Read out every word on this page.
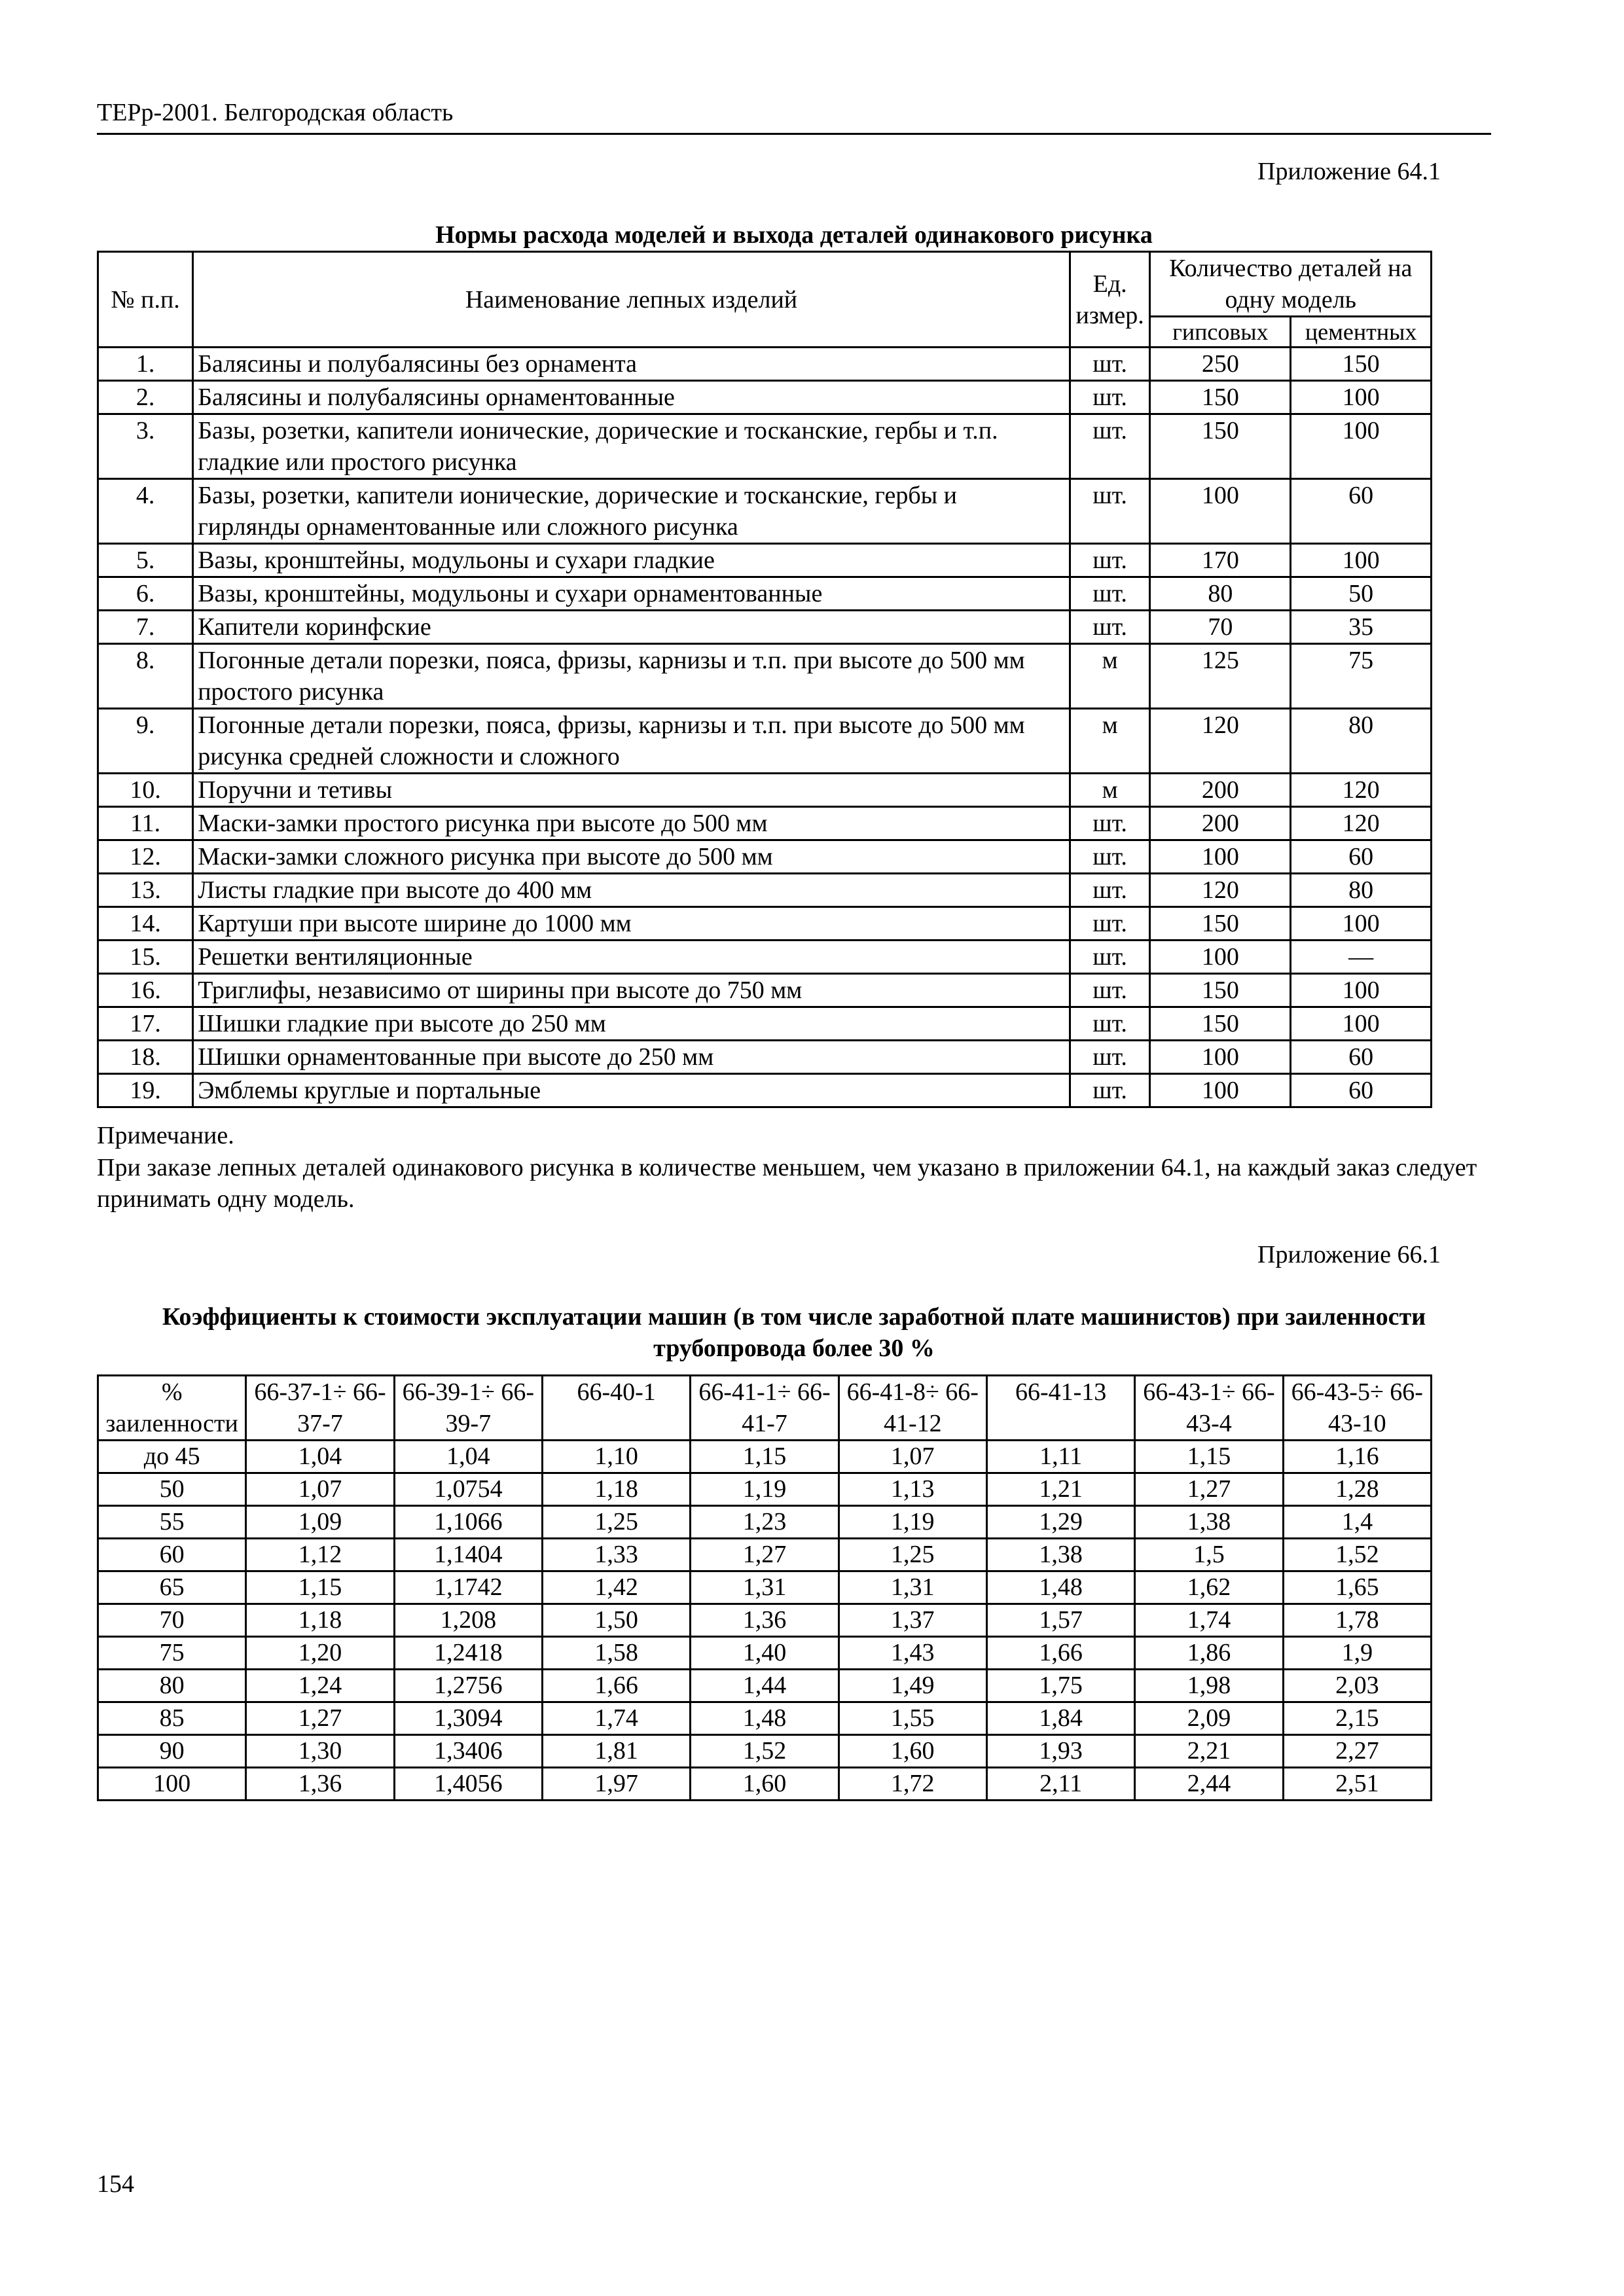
ТЕРр-2001. Белгородская область
Приложение 64.1
Нормы расхода моделей и выхода деталей одинакового рисунка
№ п.п.	Наименование лепных изделий	Ед. измер.	Количество деталей на одну модель	
			гипсовых	цементных
1.	Балясины и полубалясины без орнамента	шт.	250	150
2.	Балясины и полубалясины орнаментованные	шт.	150	100
3.	Базы, розетки, капители ионические, дорические и тосканские, гербы и т.п. гладкие или простого рисунка	шт.	150	100
4.	Базы, розетки, капители ионические, дорические и тосканские, гербы и гирлянды орнаментованные или сложного рисунка	шт.	100	60
5.	Вазы, кронштейны, модульоны и сухари гладкие	шт.	170	100
6.	Вазы, кронштейны, модульоны и сухари орнаментованные	шт.	80	50
7.	Капители коринфские	шт.	70	35
8.	Погонные детали порезки, пояса, фризы, карнизы и т.п. при высоте до 500 мм простого рисунка	м	125	75
9.	Погонные детали порезки, пояса, фризы, карнизы и т.п. при высоте до 500 мм рисунка средней сложности и сложного	м	120	80
10.	Поручни и тетивы	м	200	120
11.	Маски-замки простого рисунка при высоте до 500 мм	шт.	200	120
12.	Маски-замки сложного рисунка при высоте до 500 мм	шт.	100	60
13.	Листы гладкие при высоте до 400 мм	шт.	120	80
14.	Картуши при высоте ширине до 1000 мм	шт.	150	100
15.	Решетки вентиляционные	шт.	100	—
16.	Триглифы, независимо от ширины при высоте до 750 мм	шт.	150	100
17.	Шишки гладкие при высоте до 250 мм	шт.	150	100
18.	Шишки орнаментованные при высоте до 250 мм	шт.	100	60
19.	Эмблемы круглые и портальные	шт.	100	60
Примечание.
При заказе лепных деталей одинакового рисунка в количестве меньшем, чем указано в приложении 64.1, на каждый заказ следует принимать одну модель.
Приложение 66.1
Коэффициенты к стоимости эксплуатации машин (в том числе заработной плате машинистов) при заиленности трубопровода более 30 %
% заиленности	66-37-1÷ 66-37-7	66-39-1÷ 66-39-7	66-40-1	66-41-1÷ 66-41-7	66-41-8÷ 66-41-12	66-41-13	66-43-1÷ 66-43-4	66-43-5÷ 66-43-10
до 45	1,04	1,04	1,10	1,15	1,07	1,11	1,15	1,16
50	1,07	1,0754	1,18	1,19	1,13	1,21	1,27	1,28
55	1,09	1,1066	1,25	1,23	1,19	1,29	1,38	1,4
60	1,12	1,1404	1,33	1,27	1,25	1,38	1,5	1,52
65	1,15	1,1742	1,42	1,31	1,31	1,48	1,62	1,65
70	1,18	1,208	1,50	1,36	1,37	1,57	1,74	1,78
75	1,20	1,2418	1,58	1,40	1,43	1,66	1,86	1,9
80	1,24	1,2756	1,66	1,44	1,49	1,75	1,98	2,03
85	1,27	1,3094	1,74	1,48	1,55	1,84	2,09	2,15
90	1,30	1,3406	1,81	1,52	1,60	1,93	2,21	2,27
100	1,36	1,4056	1,97	1,60	1,72	2,11	2,44	2,51
154
